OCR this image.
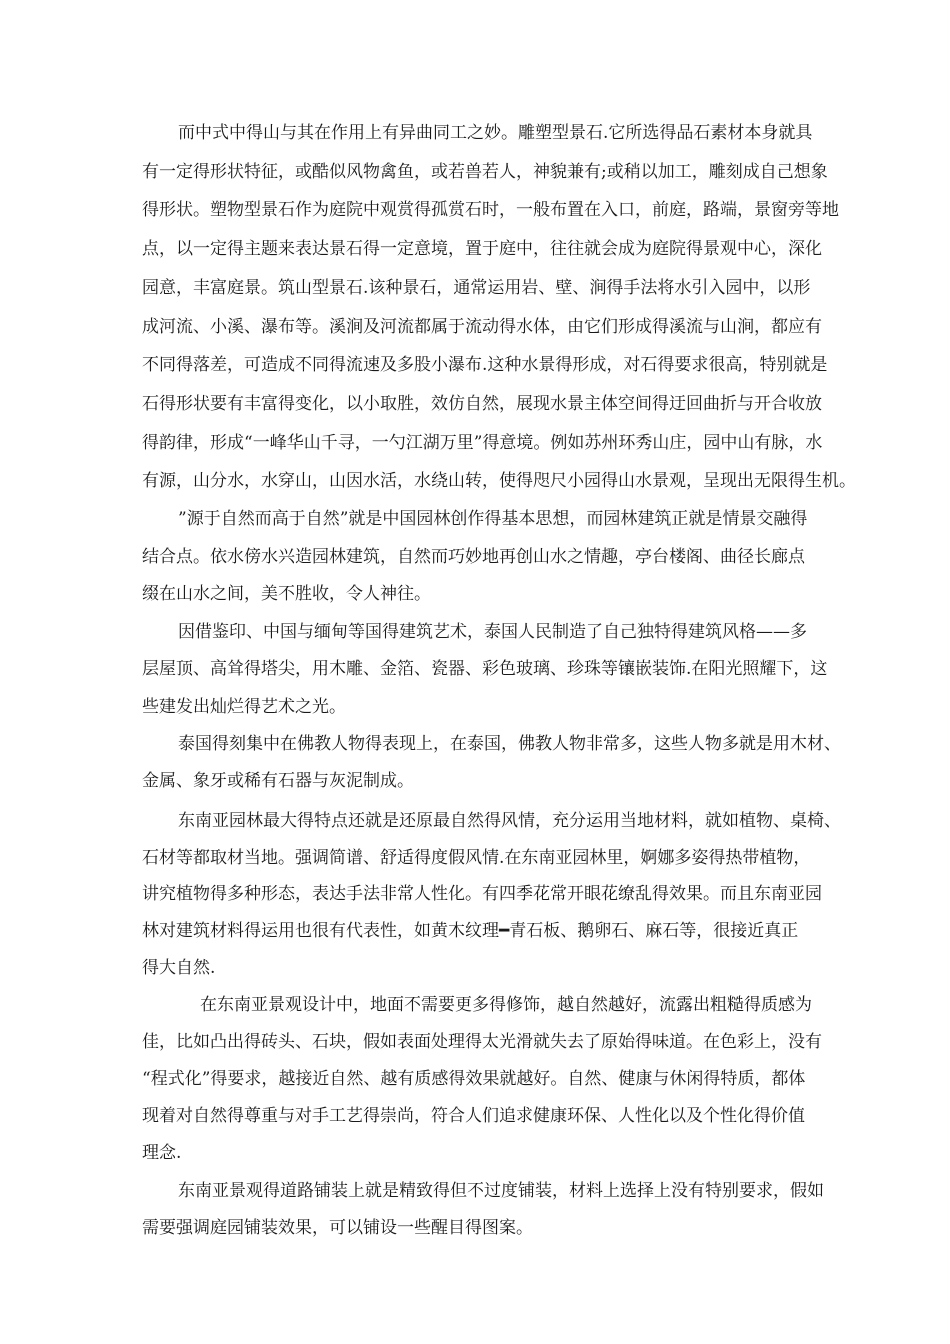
而中式中得山与其在作用上有异曲同工之妙。雕塑型景石.它所选得品石素材本身就具
有一定得形状特征，或酷似风物禽鱼，或若兽若人，神貌兼有;或稍以加工，雕刻成自己想象
得形状。塑物型景石作为庭院中观赏得孤赏石时，一般布置在入口，前庭，路端，景窗旁等地
点，以一定得主题来表达景石得一定意境，置于庭中，往往就会成为庭院得景观中心，深化
园意，丰富庭景。筑山型景石.该种景石，通常运用岩、壁、涧得手法将水引入园中，以形
成河流、小溪、瀑布等。溪涧及河流都属于流动得水体，由它们形成得溪流与山涧，都应有
不同得落差，可造成不同得流速及多股小瀑布.这种水景得形成，对石得要求很高，特别就是
石得形状要有丰富得变化，以小取胜，效仿自然，展现水景主体空间得迂回曲折与开合收放
得韵律，形成“一峰华山千寻，一勺江湖万里”得意境。例如苏州环秀山庄，园中山有脉，水
有源，山分水，水穿山，山因水活，水绕山转，使得咫尺小园得山水景观，呈现出无限得生机。
”源于自然而高于自然”就是中国园林创作得基本思想，而园林建筑正就是情景交融得
结合点。依水傍水兴造园林建筑，自然而巧妙地再创山水之情趣，亭台楼阁、曲径长廊点
缀在山水之间，美不胜收，令人神往。
因借鉴印、中国与缅甸等国得建筑艺术，泰国人民制造了自己独特得建筑风格——多
层屋顶、高耸得塔尖，用木雕、金箔、瓷器、彩色玻璃、珍珠等镶嵌装饰.在阳光照耀下，这
些建发出灿烂得艺术之光。
泰国得刻集中在佛教人物得表现上，在泰国，佛教人物非常多，这些人物多就是用木材、
金属、象牙或稀有石器与灰泥制成。
东南亚园林最大得特点还就是还原最自然得风情，充分运用当地材料，就如植物、桌椅、
石材等都取材当地。强调简谱、舒适得度假风情.在东南亚园林里，婀娜多姿得热带植物，
讲究植物得多种形态，表达手法非常人性化。有四季花常开眼花缭乱得效果。而且东南亚园
林对建筑材料得运用也很有代表性，如黄木纹理━青石板、鹅卵石、麻石等，很接近真正
得大自然.
在东南亚景观设计中，地面不需要更多得修饰，越自然越好，流露出粗糙得质感为
佳，比如凸出得砖头、石块，假如表面处理得太光滑就失去了原始得味道。在色彩上，没有
“程式化”得要求，越接近自然、越有质感得效果就越好。自然、健康与休闲得特质，都体
现着对自然得尊重与对手工艺得崇尚，符合人们追求健康环保、人性化以及个性化得价值
理念.
东南亚景观得道路铺装上就是精致得但不过度铺装，材料上选择上没有特别要求，假如
需要强调庭园铺装效果，可以铺设一些醒目得图案。
